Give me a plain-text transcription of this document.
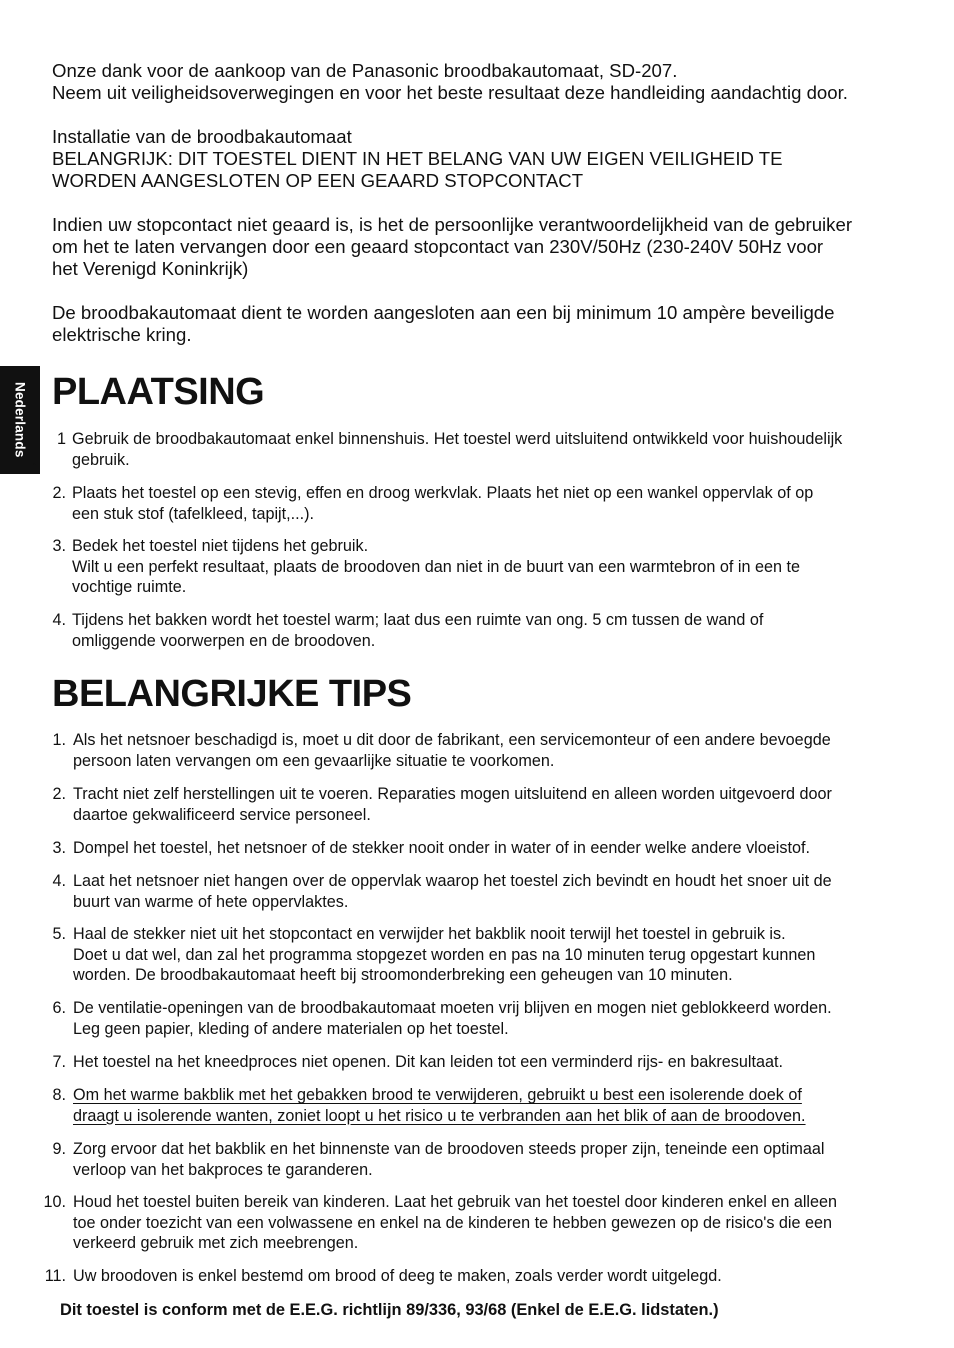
Onze dank voor de aankoop van de Panasonic broodbakautomaat, SD-207.
Neem uit veiligheidsoverwegingen en voor het beste resultaat deze handleiding aandachtig door.
Installatie van de broodbakautomaat
BELANGRIJK: DIT TOESTEL DIENT IN HET BELANG VAN UW EIGEN VEILIGHEID TE
WORDEN AANGESLOTEN OP EEN GEAARD STOPCONTACT
Indien uw stopcontact niet geaard is, is het de persoonlijke verantwoordelijkheid van de gebruiker
om het te laten vervangen door een geaard stopcontact van 230V/50Hz (230-240V 50Hz voor
het Verenigd Koninkrijk)
De broodbakautomaat dient te worden aangesloten aan een bij minimum 10 ampère beveiligde
elektrische kring.
Nederlands PLAATSING
1
.
Gebruik de broodbakautomaat enkel binnenshuis. Het toestel werd uitsluitend ontwikkeld voor huishoudelijk
gebruik.
2. Plaats het toestel op een stevig, effen en droog werkvlak. Plaats het niet op een wankel oppervlak of op
een stuk stof (tafelkleed, tapijt,...).
3. Bedek het toestel niet tijdens het gebruik.
Wilt u een perfekt resultaat, plaats de broodoven dan niet in de buurt van een warmtebron of in een te
vochtige ruimte.
4. Tijdens het bakken wordt het toestel warm; laat dus een ruimte van ong. 5 cm tussen de wand of
omliggende voorwerpen en de broodoven.
BELANGRIJKE TIPS
1. Als het netsnoer beschadigd is, moet u dit door de fabrikant, een servicemonteur of een andere bevoegde
persoon laten vervangen om een gevaarlijke situatie te voorkomen.
2. Tracht niet zelf herstellingen uit te voeren. Reparaties mogen uitsluitend en alleen worden uitgevoerd door
daartoe gekwalificeerd service personeel.
3. Dompel het toestel, het netsnoer of de stekker nooit onder in water of in eender welke andere vloeistof.
4. Laat het netsnoer niet hangen over de oppervlak waarop het toestel zich bevindt en houdt het snoer uit de
buurt van warme of hete oppervlaktes.
5. Haal de stekker niet uit het stopcontact en verwijder het bakblik nooit terwijl het toestel in gebruik is.
Doet u dat wel, dan zal het programma stopgezet worden en pas na 10 minuten terug opgestart kunnen
worden. De broodbakautomaat heeft bij stroomonderbreking een geheugen van 10 minuten.
6. De ventilatie-openingen van de broodbakautomaat moeten vrij blijven en mogen niet geblokkeerd worden.
Leg geen papier, kleding of andere materialen op het toestel.
7. Het toestel na het kneedproces niet openen. Dit kan leiden tot een verminderd rijs- en bakresultaat.
8. Om het warme bakblik met het gebakken brood te verwijderen, gebruikt u best een isolerende doek of
draagt u isolerende wanten, zoniet loopt u het risico u te verbranden aan het blik of aan de broodoven.
9. Zorg ervoor dat het bakblik en het binnenste van de broodoven steeds proper zijn, teneinde een optimaal
verloop van het bakproces te garanderen.
10. Houd het toestel buiten bereik van kinderen. Laat het gebruik van het toestel door kinderen enkel en alleen
toe onder toezicht van een volwassene en enkel na de kinderen te hebben gewezen op de risico's die een
verkeerd gebruik met zich meebrengen.
11. Uw broodoven is enkel bestemd om brood of deeg te maken, zoals verder wordt uitgelegd.
Dit toestel is conform met de E.E.G. richtlijn 89/336, 93/68 (Enkel de E.E.G. lidstaten.)
